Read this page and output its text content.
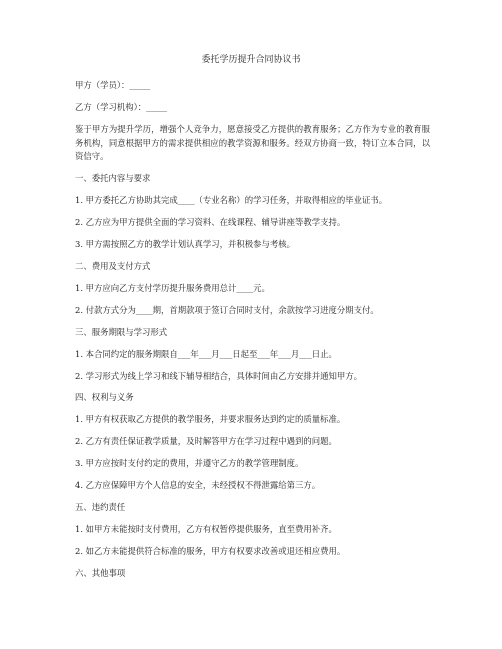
委托学历提升合同协议书
甲方（学员）：_____
乙方（学习机构）：_____
鉴于甲方为提升学历，增强个人竞争力，愿意接受乙方提供的教育服务；乙方作为专业的教育服务机构，同意根据甲方的需求提供相应的教学资源和服务。经双方协商一致，特订立本合同，以资信守。
一、委托内容与要求
1. 甲方委托乙方协助其完成____（专业名称）的学习任务，并取得相应的毕业证书。
2. 乙方应为甲方提供全面的学习资料、在线课程、辅导讲座等教学支持。
3. 甲方需按照乙方的教学计划认真学习，并积极参与考核。
二、费用及支付方式
1. 甲方应向乙方支付学历提升服务费用总计____元。
2. 付款方式分为____期，首期款项于签订合同时支付，余款按学习进度分期支付。
三、服务期限与学习形式
1. 本合同约定的服务期限自___年___月___日起至___年___月___日止。
2. 学习形式为线上学习和线下辅导相结合，具体时间由乙方安排并通知甲方。
四、权利与义务
1. 甲方有权获取乙方提供的教学服务，并要求服务达到约定的质量标准。
2. 乙方有责任保证教学质量，及时解答甲方在学习过程中遇到的问题。
3. 甲方应按时支付约定的费用，并遵守乙方的教学管理制度。
4. 乙方应保障甲方个人信息的安全，未经授权不得泄露给第三方。
五、违约责任
1. 如甲方未能按时支付费用，乙方有权暂停提供服务，直至费用补齐。
2. 如乙方未能提供符合标准的服务，甲方有权要求改善或退还相应费用。
六、其他事项
